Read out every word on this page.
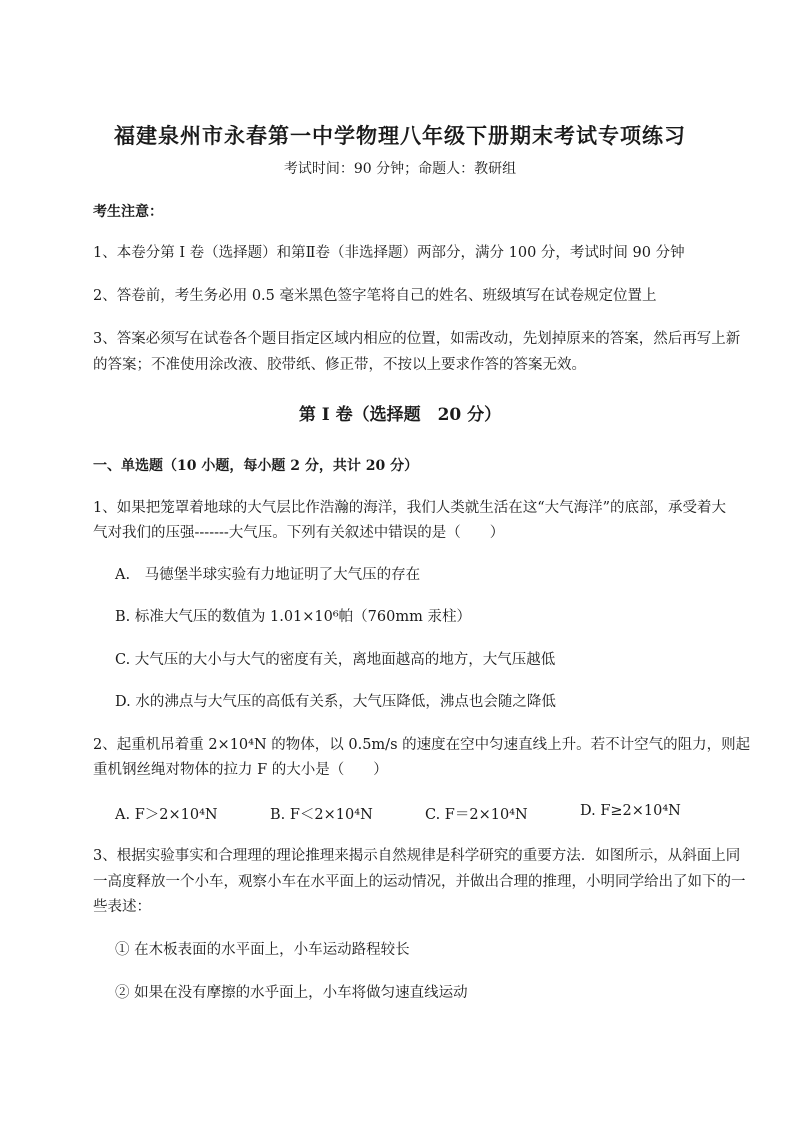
福建泉州市永春第一中学物理八年级下册期末考试专项练习
考试时间：90 分钟；命题人：教研组
考生注意：
1、本卷分第 I 卷（选择题）和第Ⅱ卷（非选择题）两部分，满分 100 分，考试时间 90 分钟
2、答卷前，考生务必用 0.5 毫米黑色签字笔将自己的姓名、班级填写在试卷规定位置上
3、答案必须写在试卷各个题目指定区域内相应的位置，如需改动，先划掉原来的答案，然后再写上新
的答案；不准使用涂改液、胶带纸、修正带，不按以上要求作答的答案无效。
第 I 卷（选择题　20 分）
一、单选题（10 小题，每小题 2 分，共计 20 分）
1、如果把笼罩着地球的大气层比作浩瀚的海洋，我们人类就生活在这“大气海洋”的底部，承受着大
气对我们的压强-------大气压。下列有关叙述中错误的是（　　）
A.　马德堡半球实验有力地证明了大气压的存在
B. 标准大气压的数值为 1.01×10⁶帕（760mm 汞柱）
C. 大气压的大小与大气的密度有关，离地面越高的地方，大气压越低
D. 水的沸点与大气压的高低有关系，大气压降低，沸点也会随之降低
2、起重机吊着重 2×10⁴N 的物体，以 0.5m/s 的速度在空中匀速直线上升。若不计空气的阻力，则起
重机钢丝绳对物体的拉力 F 的大小是（　　）
A. F＞2×10⁴N	B. F＜2×10⁴N	C. F＝2×10⁴N	D. F≥2×10⁴N
3、根据实验事实和合理理的理论推理来揭示自然规律是科学研究的重要方法．如图所示，从斜面上同
一高度释放一个小车，观察小车在水平面上的运动情况，并做出合理的推理，小明同学给出了如下的一
些表述：
① 在木板表面的水平面上，小车运动路程较长
② 如果在没有摩擦的水乎面上，小车将做匀速直线运动
